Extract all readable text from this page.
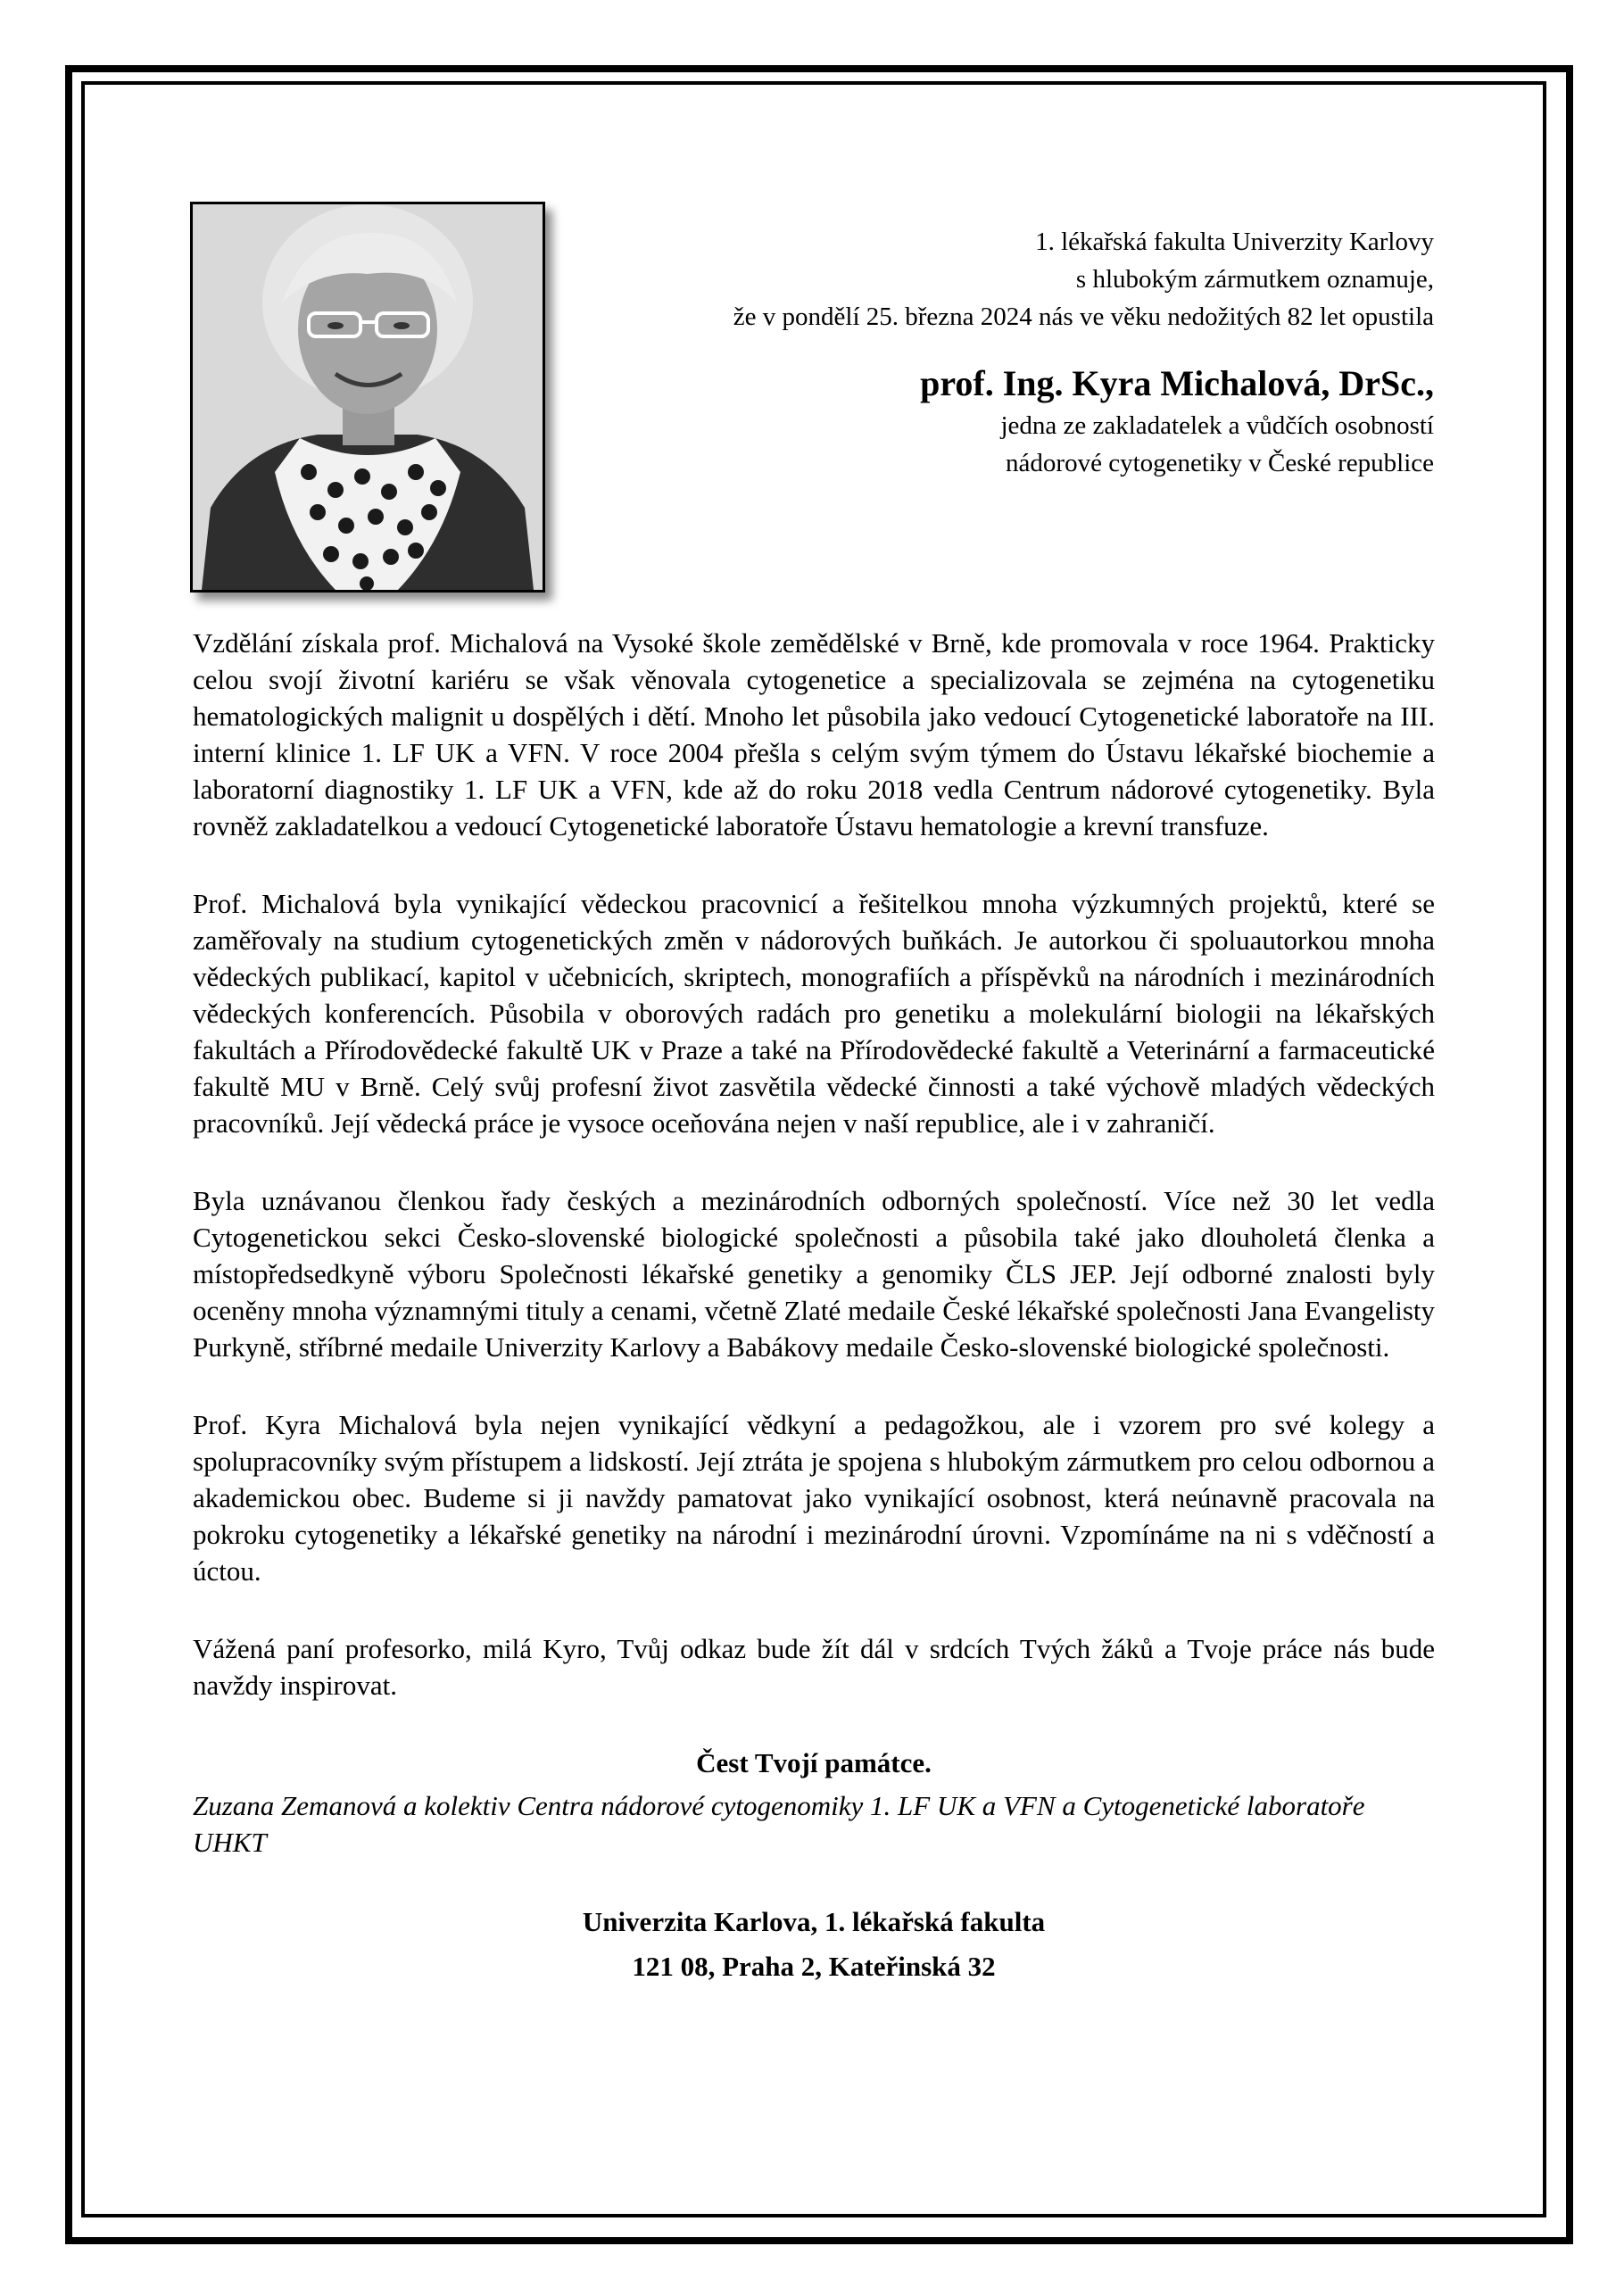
1. lékařská fakulta Univerzity Karlovy
s hlubokým zármutkem oznamuje,
že v pondělí 25. března 2024 nás ve věku nedožitých 82 let opustila
prof. Ing. Kyra Michalová, DrSc.,
jedna ze zakladatelek a vůdčích osobností
nádorové cytogenetiky v České republice

Vzdělání získala prof. Michalová na Vysoké škole zemědělské v Brně, kde promovala v roce 1964. Prakticky celou svojí životní kariéru se však věnovala cytogenetice a specializovala se zejména na cytogenetiku hematologických malignit u dospělých i dětí. Mnoho let působila jako vedoucí Cytogenetické laboratoře na III. interní klinice 1. LF UK a VFN. V roce 2004 přešla s celým svým týmem do Ústavu lékařské biochemie a laboratorní diagnostiky 1. LF UK a VFN, kde až do roku 2018 vedla Centrum nádorové cytogenetiky. Byla rovněž zakladatelkou a vedoucí Cytogenetické laboratoře Ústavu hematologie a krevní transfuze.

Prof. Michalová byla vynikající vědeckou pracovnicí a řešitelkou mnoha výzkumných projektů, které se zaměřovaly na studium cytogenetických změn v nádorových buňkách. Je autorkou či spoluautorkou mnoha vědeckých publikací, kapitol v učebnicích, skriptech, monografiích a příspěvků na národních i mezinárodních vědeckých konferencích. Působila v oborových radách pro genetiku a molekulární biologii na lékařských fakultách a Přírodovědecké fakultě UK v Praze a také na Přírodovědecké fakultě a Veterinární a farmaceutické fakultě MU v Brně. Celý svůj profesní život zasvětila vědecké činnosti a také výchově mladých vědeckých pracovníků. Její vědecká práce je vysoce oceňována nejen v naší republice, ale i v zahraničí.

Byla uznávanou členkou řady českých a mezinárodních odborných společností. Více než 30 let vedla Cytogenetickou sekci Česko-slovenské biologické společnosti a působila také jako dlouholetá členka a místopředsedkyně výboru Společnosti lékařské genetiky a genomiky ČLS JEP. Její odborné znalosti byly oceněny mnoha významnými tituly a cenami, včetně Zlaté medaile České lékařské společnosti Jana Evangelisty Purkyně, stříbrné medaile Univerzity Karlovy a Babákovy medaile Česko-slovenské biologické společnosti.

Prof. Kyra Michalová byla nejen vynikající vědkyní a pedagožkou, ale i vzorem pro své kolegy a spolupracovníky svým přístupem a lidskostí. Její ztráta je spojena s hlubokým zármutkem pro celou odbornou a akademickou obec. Budeme si ji navždy pamatovat jako vynikající osobnost, která neúnavně pracovala na pokroku cytogenetiky a lékařské genetiky na národní i mezinárodní úrovni. Vzpomínáme na ni s vděčností a úctou.

Vážená paní profesorko, milá Kyro, Tvůj odkaz bude žít dál v srdcích Tvých žáků a Tvoje práce nás bude navždy inspirovat.

Čest Tvojí památce.
Zuzana Zemanová a kolektiv Centra nádorové cytogenomiky 1. LF UK a VFN a Cytogenetické laboratoře UHKT
Univerzita Karlova, 1. lékařská fakulta
121 08, Praha 2, Kateřinská 32
